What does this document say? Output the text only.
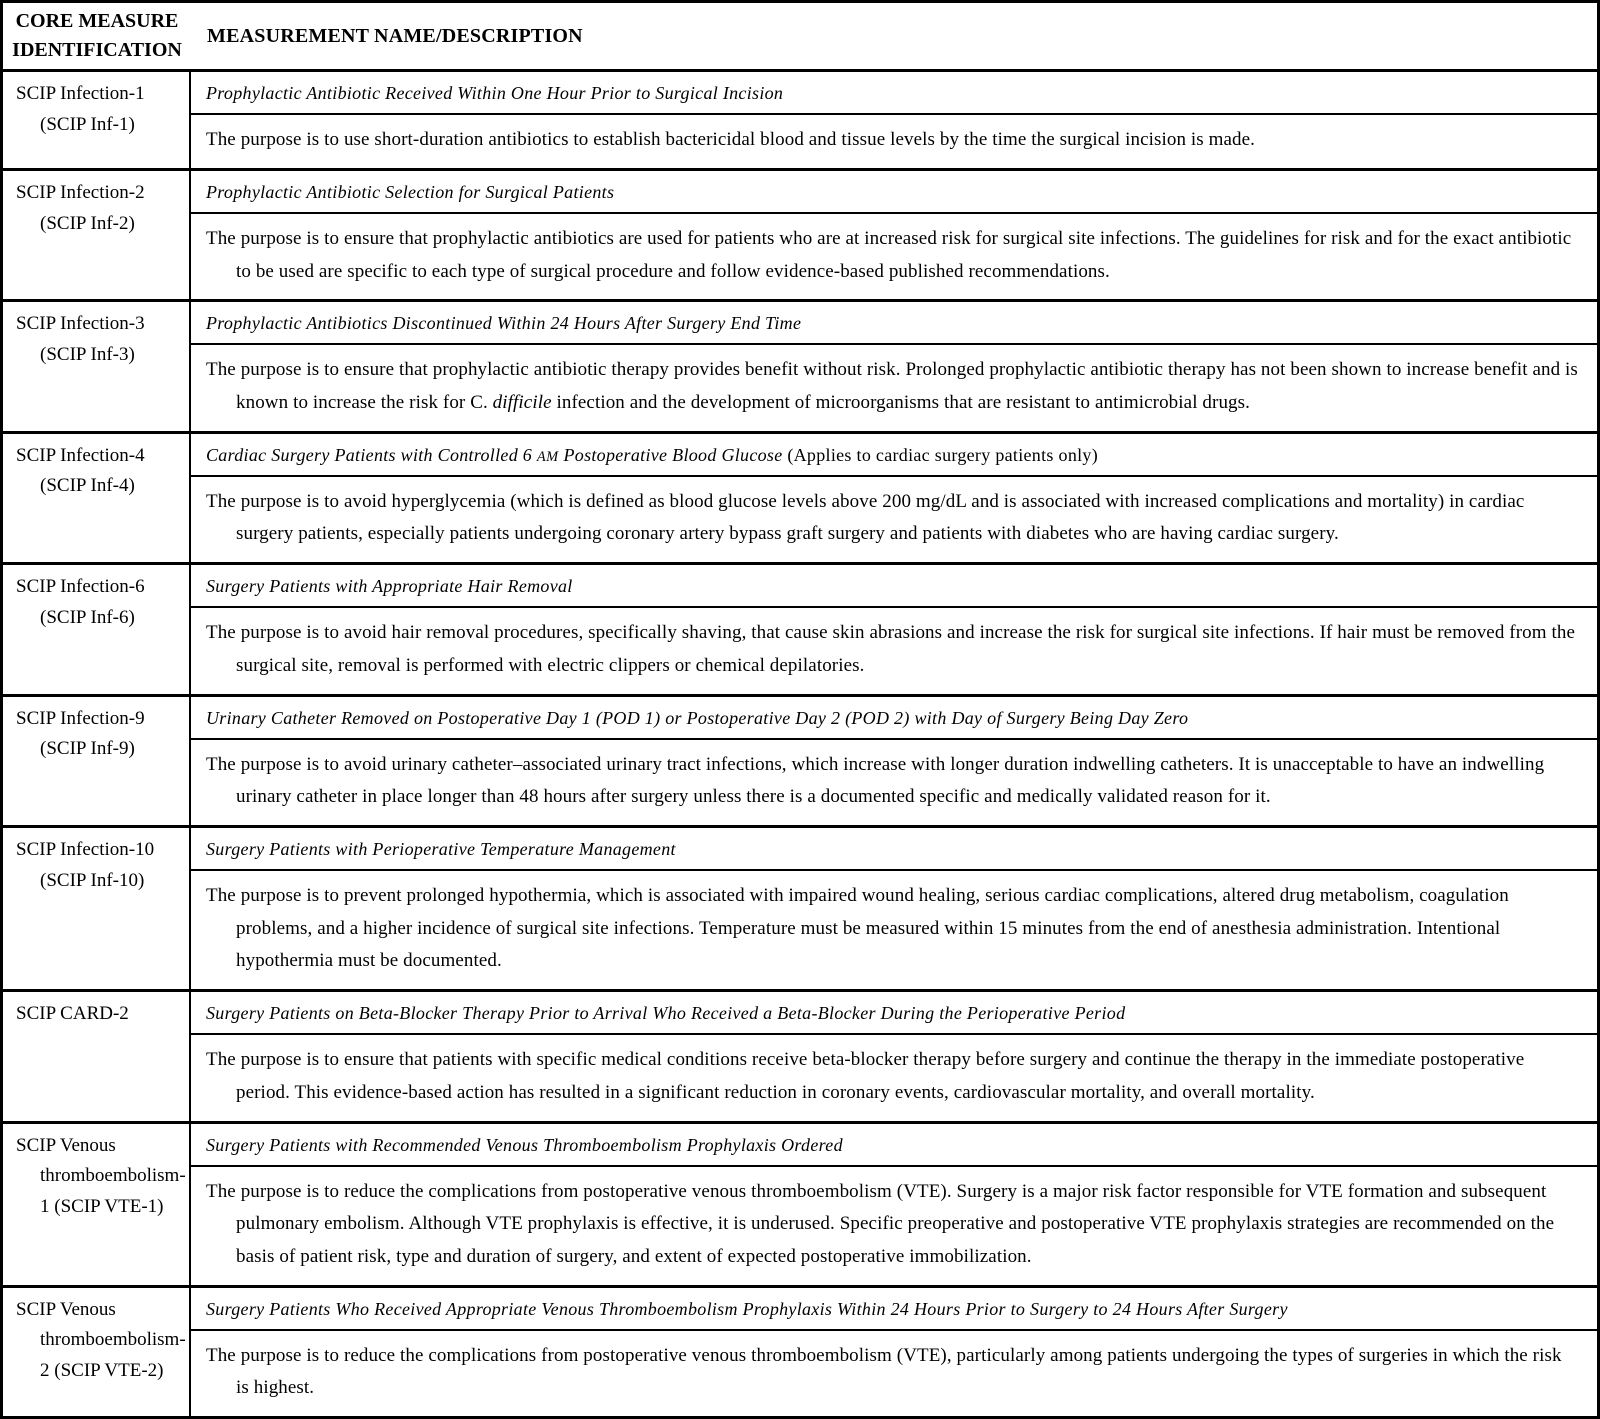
CORE MEASURE IDENTIFICATION
MEASUREMENT NAME/DESCRIPTION
SCIP Infection-1
(SCIP Inf-1)
Prophylactic Antibiotic Received Within One Hour Prior to Surgical Incision
The purpose is to use short-duration antibiotics to establish bactericidal blood and tissue levels by the time the surgical incision is made.
SCIP Infection-2
(SCIP Inf-2)
Prophylactic Antibiotic Selection for Surgical Patients
The purpose is to ensure that prophylactic antibiotics are used for patients who are at increased risk for surgical site infections. The guidelines for risk and for the exact antibiotic to be used are specific to each type of surgical procedure and follow evidence-based published recommendations.
SCIP Infection-3
(SCIP Inf-3)
Prophylactic Antibiotics Discontinued Within 24 Hours After Surgery End Time
The purpose is to ensure that prophylactic antibiotic therapy provides benefit without risk. Prolonged prophylactic antibiotic therapy has not been shown to increase benefit and is known to increase the risk for C. difficile infection and the development of microorganisms that are resistant to antimicrobial drugs.
SCIP Infection-4
(SCIP Inf-4)
Cardiac Surgery Patients with Controlled 6 AM Postoperative Blood Glucose (Applies to cardiac surgery patients only)
The purpose is to avoid hyperglycemia (which is defined as blood glucose levels above 200 mg/dL and is associated with increased complications and mortality) in cardiac surgery patients, especially patients undergoing coronary artery bypass graft surgery and patients with diabetes who are having cardiac surgery.
SCIP Infection-6
(SCIP Inf-6)
Surgery Patients with Appropriate Hair Removal
The purpose is to avoid hair removal procedures, specifically shaving, that cause skin abrasions and increase the risk for surgical site infections. If hair must be removed from the surgical site, removal is performed with electric clippers or chemical depilatories.
SCIP Infection-9
(SCIP Inf-9)
Urinary Catheter Removed on Postoperative Day 1 (POD 1) or Postoperative Day 2 (POD 2) with Day of Surgery Being Day Zero
The purpose is to avoid urinary catheter–associated urinary tract infections, which increase with longer duration indwelling catheters. It is unacceptable to have an indwelling urinary catheter in place longer than 48 hours after surgery unless there is a documented specific and medically validated reason for it.
SCIP Infection-10
(SCIP Inf-10)
Surgery Patients with Perioperative Temperature Management
The purpose is to prevent prolonged hypothermia, which is associated with impaired wound healing, serious cardiac complications, altered drug metabolism, coagulation problems, and a higher incidence of surgical site infections. Temperature must be measured within 15 minutes from the end of anesthesia administration. Intentional hypothermia must be documented.
SCIP CARD-2	Surgery Patients on Beta-Blocker Therapy Prior to Arrival Who Received a Beta-Blocker During the Perioperative Period
The purpose is to ensure that patients with specific medical conditions receive beta-blocker therapy before surgery and continue the therapy in the immediate postoperative period. This evidence-based action has resulted in a significant reduction in coronary events, cardiovascular mortality, and overall mortality.
SCIP Venous
thromboembolism-
1 (SCIP VTE-1)
Surgery Patients with Recommended Venous Thromboembolism Prophylaxis Ordered
The purpose is to reduce the complications from postoperative venous thromboembolism (VTE). Surgery is a major risk factor responsible for VTE formation and subsequent pulmonary embolism. Although VTE prophylaxis is effective, it is underused. Specific preoperative and postoperative VTE prophylaxis strategies are recommended on the basis of patient risk, type and duration of surgery, and extent of expected postoperative immobilization.
SCIP Venous
thromboembolism-
2 (SCIP VTE-2)
Surgery Patients Who Received Appropriate Venous Thromboembolism Prophylaxis Within 24 Hours Prior to Surgery to 24 Hours After Surgery
The purpose is to reduce the complications from postoperative venous thromboembolism (VTE), particularly among patients undergoing the types of surgeries in which the risk is highest.
